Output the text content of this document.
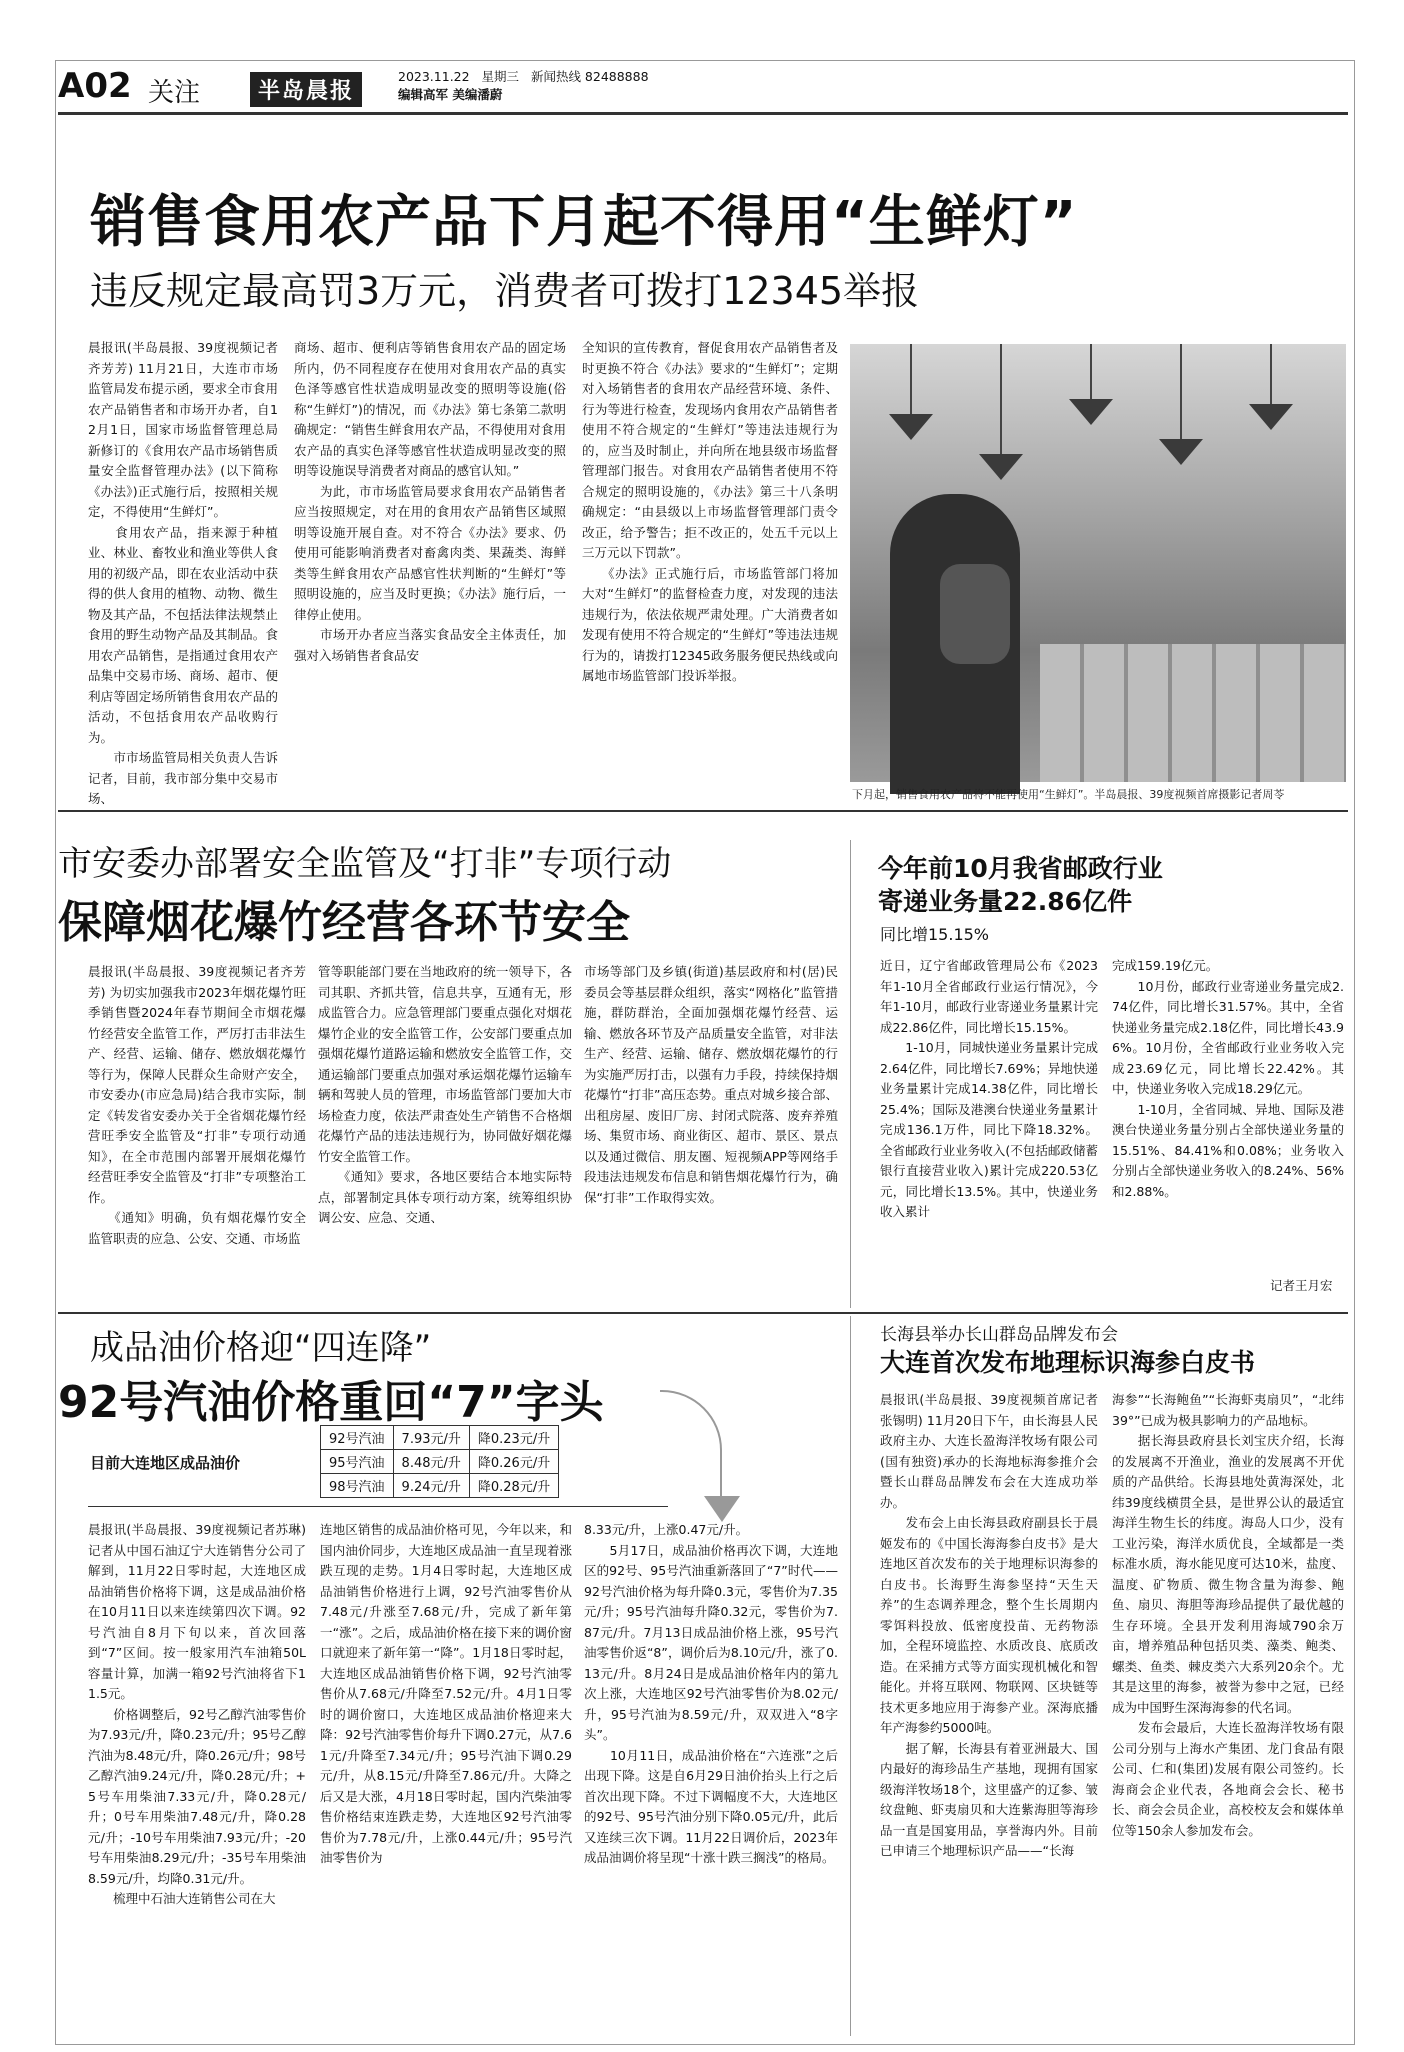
A02 关注	半岛晨报
2023.11.22 星期三 新闻热线 82488888
编辑高军 美编潘蔚
销售食用农产品下月起不得用“生鲜灯”
违反规定最高罚3万元，消费者可拨打12345举报
晨报讯(半岛晨报、39度视频记者齐芳芳) 11月21日，大连市市场监管局发布提示函，要求全市食用农产品销售者和市场开办者，自12月1日，国家市场监督管理总局新修订的《食用农产品市场销售质量安全监督管理办法》(以下简称《办法》)正式施行后，按照相关规定，不得使用“生鲜灯”。
　　食用农产品，指来源于种植业、林业、畜牧业和渔业等供人食用的初级产品，即在农业活动中获得的供人食用的植物、动物、微生物及其产品，不包括法律法规禁止食用的野生动物产品及其制品。食用农产品销售，是指通过食用农产品集中交易市场、商场、超市、便利店等固定场所销售食用农产品的活动，不包括食用农产品收购行为。
　　市市场监管局相关负责人告诉记者，目前，我市部分集中交易市场、
商场、超市、便利店等销售食用农产品的固定场所内，仍不同程度存在使用对食用农产品的真实色泽等感官性状造成明显改变的照明等设施(俗称“生鲜灯”)的情况，而《办法》第七条第二款明确规定：“销售生鲜食用农产品，不得使用对食用农产品的真实色泽等感官性状造成明显改变的照明等设施误导消费者对商品的感官认知。”
　　为此，市市场监管局要求食用农产品销售者应当按照规定，对在用的食用农产品销售区域照明等设施开展自查。对不符合《办法》要求、仍使用可能影响消费者对畜禽肉类、果蔬类、海鲜类等生鲜食用农产品感官性状判断的“生鲜灯”等照明设施的，应当及时更换；《办法》施行后，一律停止使用。
　　市场开办者应当落实食品安全主体责任，加强对入场销售者食品安
全知识的宣传教育，督促食用农产品销售者及时更换不符合《办法》要求的“生鲜灯”；定期对入场销售者的食用农产品经营环境、条件、行为等进行检查，发现场内食用农产品销售者使用不符合规定的“生鲜灯”等违法违规行为的，应当及时制止，并向所在地县级市场监督管理部门报告。对食用农产品销售者使用不符合规定的照明设施的，《办法》第三十八条明确规定：“由县级以上市场监督管理部门责令改正，给予警告；拒不改正的，处五千元以上三万元以下罚款”。
　　《办法》正式施行后，市场监管部门将加大对“生鲜灯”的监督检查力度，对发现的违法违规行为，依法依规严肃处理。广大消费者如发现有使用不符合规定的“生鲜灯”等违法违规行为的，请拨打12345政务服务便民热线或向属地市场监管部门投诉举报。
下月起，销售食用农产品将不能再使用“生鲜灯”。半岛晨报、39度视频首席摄影记者周苓
市安委办部署安全监管及“打非”专项行动
保障烟花爆竹经营各环节安全
晨报讯(半岛晨报、39度视频记者齐芳芳) 为切实加强我市2023年烟花爆竹旺季销售暨2024年春节期间全市烟花爆竹经营安全监管工作，严厉打击非法生产、经营、运输、储存、燃放烟花爆竹等行为，保障人民群众生命财产安全，市安委办(市应急局)结合我市实际，制定《转发省安委办关于全省烟花爆竹经营旺季安全监管及“打非”专项行动通知》，在全市范围内部署开展烟花爆竹经营旺季安全监管及“打非”专项整治工作。
　　《通知》明确，负有烟花爆竹安全监管职责的应急、公安、交通、市场监
管等职能部门要在当地政府的统一领导下，各司其职、齐抓共管，信息共享，互通有无，形成监管合力。应急管理部门要重点强化对烟花爆竹企业的安全监管工作，公安部门要重点加强烟花爆竹道路运输和燃放安全监管工作，交通运输部门要重点加强对承运烟花爆竹运输车辆和驾驶人员的管理，市场监管部门要加大市场检查力度，依法严肃查处生产销售不合格烟花爆竹产品的违法违规行为，协同做好烟花爆竹安全监管工作。
　　《通知》要求，各地区要结合本地实际特点，部署制定具体专项行动方案，统筹组织协调公安、应急、交通、
市场等部门及乡镇(街道)基层政府和村(居)民委员会等基层群众组织，落实“网格化”监管措施，群防群治，全面加强烟花爆竹经营、运输、燃放各环节及产品质量安全监管，对非法生产、经营、运输、储存、燃放烟花爆竹的行为实施严厉打击，以强有力手段，持续保持烟花爆竹“打非”高压态势。重点对城乡接合部、出租房屋、废旧厂房、封闭式院落、废弃养殖场、集贸市场、商业街区、超市、景区、景点以及通过微信、朋友圈、短视频APP等网络手段违法违规发布信息和销售烟花爆竹行为，确保“打非”工作取得实效。
今年前10月我省邮政行业
寄递业务量22.86亿件
同比增15.15%
近日，辽宁省邮政管理局公布《2023年1-10月全省邮政行业运行情况》，今年1-10月，邮政行业寄递业务量累计完成22.86亿件，同比增长15.15%。
　　1-10月，同城快递业务量累计完成2.64亿件，同比增长7.69%；异地快递业务量累计完成14.38亿件，同比增长25.4%；国际及港澳台快递业务量累计完成136.1万件，同比下降18.32%。全省邮政行业业务收入(不包括邮政储蓄银行直接营业收入)累计完成220.53亿元，同比增长13.5%。其中，快递业务收入累计
完成159.19亿元。
　　10月份，邮政行业寄递业务量完成2.74亿件，同比增长31.57%。其中，全省快递业务量完成2.18亿件，同比增长43.96%。10月份，全省邮政行业业务收入完成23.69亿元，同比增长22.42%。其中，快递业务收入完成18.29亿元。
　　1-10月，全省同城、异地、国际及港澳台快递业务量分别占全部快递业务量的15.51%、84.41%和0.08%；业务收入分别占全部快递业务收入的8.24%、56%和2.88%。
记者王月宏
成品油价格迎“四连降”
92号汽油价格重回“7”字头
目前大连地区成品油价
92号汽油	7.93元/升	降0.23元/升
95号汽油	8.48元/升	降0.26元/升
98号汽油	9.24元/升	降0.28元/升
晨报讯(半岛晨报、39度视频记者苏琳) 记者从中国石油辽宁大连销售分公司了解到，11月22日零时起，大连地区成品油销售价格将下调，这是成品油价格在10月11日以来连续第四次下调。92号汽油自8月下旬以来，首次回落到“7”区间。按一般家用汽车油箱50L容量计算，加满一箱92号汽油将省下11.5元。
　　价格调整后，92号乙醇汽油零售价为7.93元/升，降0.23元/升；95号乙醇汽油为8.48元/升，降0.26元/升；98号乙醇汽油9.24元/升，降0.28元/升；+5号车用柴油7.33元/升，降0.28元/升；0号车用柴油7.48元/升，降0.28元/升；-10号车用柴油7.93元/升；-20号车用柴油8.29元/升；-35号车用柴油8.59元/升，均降0.31元/升。
　　梳理中石油大连销售公司在大
连地区销售的成品油价格可见，今年以来，和国内油价同步，大连地区成品油一直呈现着涨跌互现的走势。1月4日零时起，大连地区成品油销售价格进行上调，92号汽油零售价从7.48元/升涨至7.68元/升，完成了新年第一“涨”。之后，成品油价格在接下来的调价窗口就迎来了新年第一“降”。1月18日零时起，大连地区成品油销售价格下调，92号汽油零售价从7.68元/升降至7.52元/升。4月1日零时的调价窗口，大连地区成品油价格迎来大降：92号汽油零售价每升下调0.27元，从7.61元/升降至7.34元/升；95号汽油下调0.29元/升，从8.15元/升降至7.86元/升。大降之后又是大涨，4月18日零时起，国内汽柴油零售价格结束连跌走势，大连地区92号汽油零售价为7.78元/升，上涨0.44元/升；95号汽油零售价为
8.33元/升，上涨0.47元/升。
　　5月17日，成品油价格再次下调，大连地区的92号、95号汽油重新落回了“7”时代——92号汽油价格为每升降0.3元，零售价为7.35元/升；95号汽油每升降0.32元，零售价为7.87元/升。7月13日成品油价格上涨，95号汽油零售价返“8”，调价后为8.10元/升，涨了0.13元/升。8月24日是成品油价格年内的第九次上涨，大连地区92号汽油零售价为8.02元/升，95号汽油为8.59元/升，双双进入“8字头”。
　　10月11日，成品油价格在“六连涨”之后出现下降。这是自6月29日油价抬头上行之后首次出现下降。不过下调幅度不大，大连地区的92号、95号汽油分别下降0.05元/升，此后又连续三次下调。11月22日调价后，2023年成品油调价将呈现“十涨十跌三搁浅”的格局。
长海县举办长山群岛品牌发布会
大连首次发布地理标识海参白皮书
晨报讯(半岛晨报、39度视频首席记者张锡明) 11月20日下午，由长海县人民政府主办、大连长盈海洋牧场有限公司(国有独资)承办的长海地标海参推介会暨长山群岛品牌发布会在大连成功举办。
　　发布会上由长海县政府副县长于晨姬发布的《中国长海海参白皮书》是大连地区首次发布的关于地理标识海参的白皮书。长海野生海参坚持“天生天养”的生态调养理念，整个生长周期内零饵料投放、低密度投苗、无药物添加，全程环境监控、水质改良、底质改造。在采捕方式等方面实现机械化和智能化。并将互联网、物联网、区块链等技术更多地应用于海参产业。深海底播年产海参约5000吨。
　　据了解，长海县有着亚洲最大、国内最好的海珍品生产基地，现拥有国家级海洋牧场18个，这里盛产的辽参、皱纹盘鲍、虾夷扇贝和大连紫海胆等海珍品一直是国宴用品，享誉海内外。目前已申请三个地理标识产品——“长海
海参”“长海鲍鱼”“长海虾夷扇贝”，“北纬39°”已成为极具影响力的产品地标。
　　据长海县政府县长刘宝庆介绍，长海的发展离不开渔业，渔业的发展离不开优质的产品供给。长海县地处黄海深处，北纬39度线横贯全县，是世界公认的最适宜海洋生物生长的纬度。海岛人口少，没有工业污染，海洋水质优良，全域都是一类标准水质，海水能见度可达10米，盐度、温度、矿物质、微生物含量为海参、鲍鱼、扇贝、海胆等海珍品提供了最优越的生存环境。全县开发利用海域790余万亩，增养殖品种包括贝类、藻类、鲍类、螺类、鱼类、棘皮类六大系列20余个。尤其是这里的海参，被誉为参中之冠，已经成为中国野生深海海参的代名词。
　　发布会最后，大连长盈海洋牧场有限公司分别与上海水产集团、龙门食品有限公司、仁和(集团)发展有限公司签约。长海商会企业代表，各地商会会长、秘书长、商会会员企业，高校校友会和媒体单位等150余人参加发布会。
